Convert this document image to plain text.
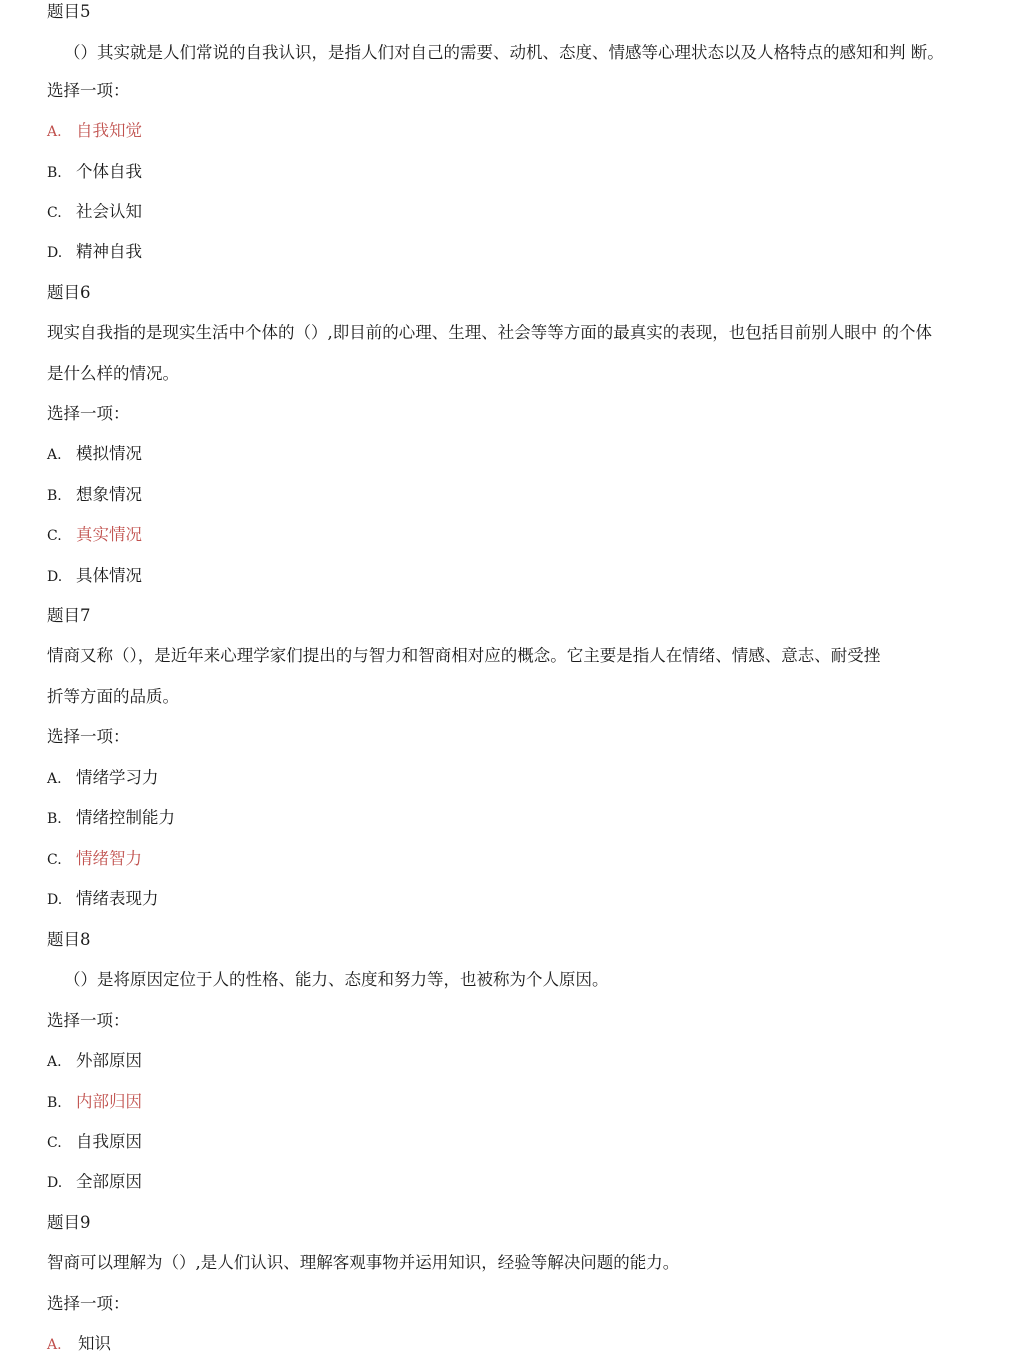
题目5
（）其实就是人们常说的自我认识，是指人们对自己的需要、动机、态度、情感等心理状态以及人格特点的感知和判 断。
选择一项：
A. 自我知觉
B. 个体自我
C. 社会认知
D. 精神自我
题目6
现实自我指的是现实生活中个体的（）,即目前的心理、生理、社会等等方面的最真实的表现，也包括目前别人眼中 的个体
是什么样的情况。
选择一项：
A. 模拟情况
B. 想象情况
C. 真实情况
D. 具体情况
题目7
情商又称（），是近年来心理学家们提出的与智力和智商相对应的概念。它主要是指人在情绪、情感、意志、耐受挫
折等方面的品质。
选择一项：
A. 情绪学习力
B. 情绪控制能力
C. 情绪智力
D. 情绪表现力
题目8
（）是将原因定位于人的性格、能力、态度和努力等，也被称为个人原因。
选择一项：
A. 外部原因
B. 内部归因
C. 自我原因
D. 全部原因
题目9
智商可以理解为（）,是人们认识、理解客观事物并运用知识，经验等解决问题的能力。
选择一项：
A. 知识
